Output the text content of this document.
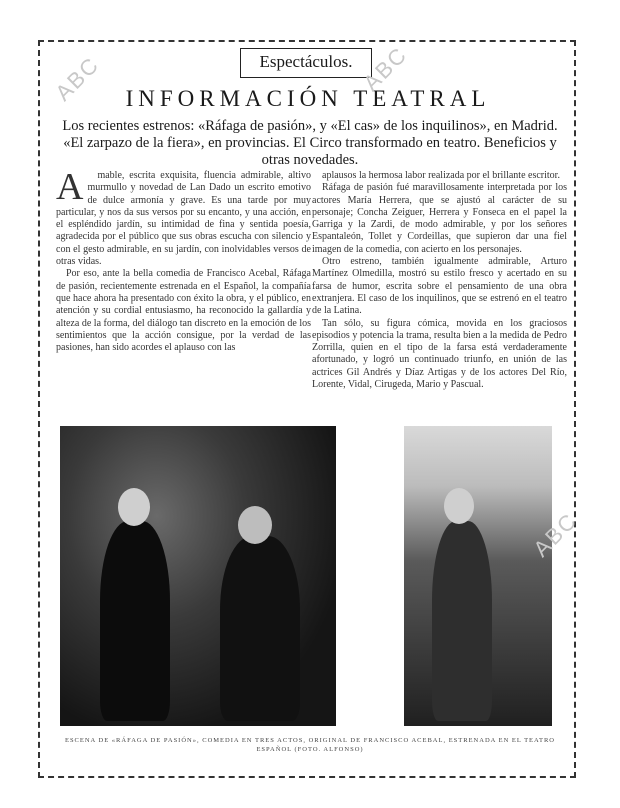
Espectáculos.
INFORMACIÓN TEATRAL
Los recientes estrenos: «Ráfaga de pasión», y «El cas» de los inquilinos», en Madrid. «El zarpazo de la fiera», en provincias. El Circo transformado en teatro. Beneficios y otras novedades.
A	mable, escrita exquisita, fluencia admirable, altivo murmullo y novedad de Lan Dado un escrito emotivo de dulce armonía y grave. Es una tarde por muy particular, y nos da sus versos por su encanto, y una acción, en el espléndido jardín, su intimidad de fina y sentida poesía, agradecida por el público que sus obras escucha con silencio y con el gesto admirable, en su jardín, con inolvidables versos de otras vidas.

Por eso, ante la bella comedia de Francisco Acebal, Ráfaga de pasión, recientemente estrenada en el Español, la compañía que hace ahora ha presentado con éxito la obra, y el público, en atención y su cordial entusiasmo, ha reconocido la gallardía y alteza de la forma, del diálogo tan discreto en la emoción de los sentimientos que la acción consigue, por la verdad de las pasiones, han sido acordes el aplauso con las

aplausos la hermosa labor realizada por el brillante escritor.

Ráfaga de pasión fué maravillosamente interpretada por los actores María Herrera, que se ajustó al carácter de su personaje; Concha Zeiguer, Herrera y Fonseca en el papel la Garriga y la Zardi, de modo admirable, y por los señores Espantaleón, Tollet y Cordeillas, que supieron dar una fiel imagen de la comedia, con acierto en los personajes.

Otro estreno, también igualmente admirable, Arturo Martínez Olmedilla, mostró su estilo fresco y acertado en su farsa de humor, escrita sobre el pensamiento de una obra extranjera. El caso de los inquilinos, que se estrenó en el teatro de la Latina.

Tan sólo, su figura cómica, movida en los graciosos episodios y potencia la trama, resulta bien a la medida de Pedro Zorrilla, quien en el tipo de la farsa está verdaderamente afortunado, y logró un continuado triunfo, en unión de las actrices Gil Andrés y Díaz Artigas y de los actores Del Río, Lorente, Vidal, Cirugeda, Mario y Pascual.

ESCENA DE «RÁFAGA DE PASIÓN», COMEDIA EN TRES ACTOS, ORIGINAL DE FRANCISCO ACEBAL, ESTRENADA EN EL TEATRO ESPAÑOL (FOTO. ALFONSO)
ABC	ABC
ABC
